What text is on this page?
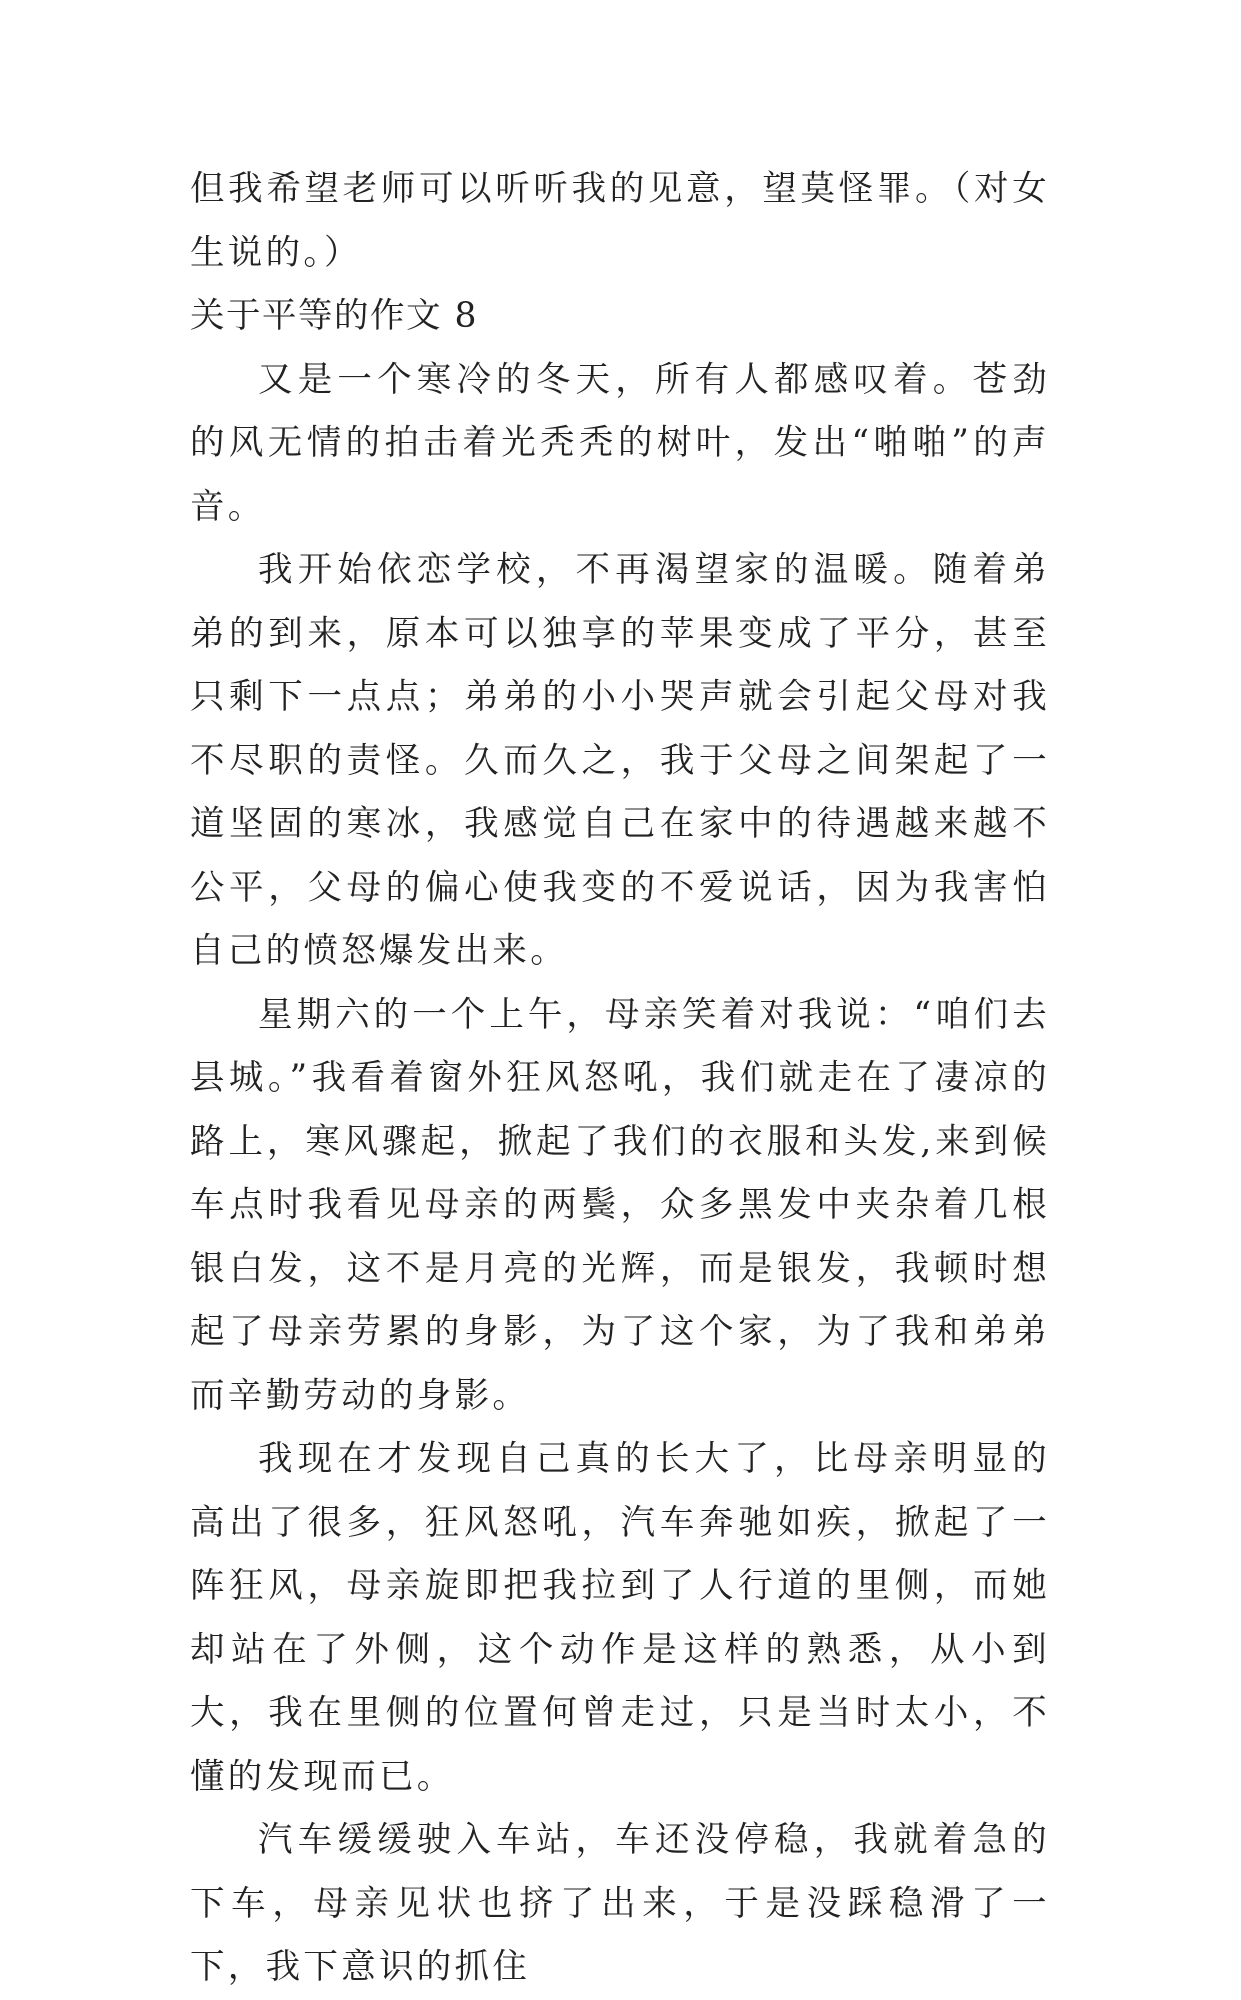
但我希望老师可以听听我的见意，望莫怪罪。（对女生说的。）

关于平等的作文 8

又是一个寒冷的冬天，所有人都感叹着。苍劲的风无情的拍击着光秃秃的树叶，发出“啪啪”的声音。

我开始依恋学校，不再渴望家的温暖。随着弟弟的到来，原本可以独享的苹果变成了平分，甚至只剩下一点点；弟弟的小小哭声就会引起父母对我不尽职的责怪。久而久之，我于父母之间架起了一道坚固的寒冰，我感觉自己在家中的待遇越来越不公平，父母的偏心使我变的不爱说话，因为我害怕自己的愤怒爆发出来。

星期六的一个上午，母亲笑着对我说：“咱们去县城。”我看着窗外狂风怒吼，我们就走在了凄凉的路上，寒风骤起，掀起了我们的衣服和头发,来到候车点时我看见母亲的两鬓，众多黑发中夹杂着几根银白发，这不是月亮的光辉，而是银发，我顿时想起了母亲劳累的身影，为了这个家，为了我和弟弟而辛勤劳动的身影。

我现在才发现自己真的长大了，比母亲明显的高出了很多，狂风怒吼，汽车奔驰如疾，掀起了一阵狂风，母亲旋即把我拉到了人行道的里侧，而她却站在了外侧，这个动作是这样的熟悉，从小到大，我在里侧的位置何曾走过，只是当时太小，不懂的发现而已。

汽车缓缓驶入车站，车还没停稳，我就着急的下车，母亲见状也挤了出来，于是没踩稳滑了一下，我下意识的抓住
